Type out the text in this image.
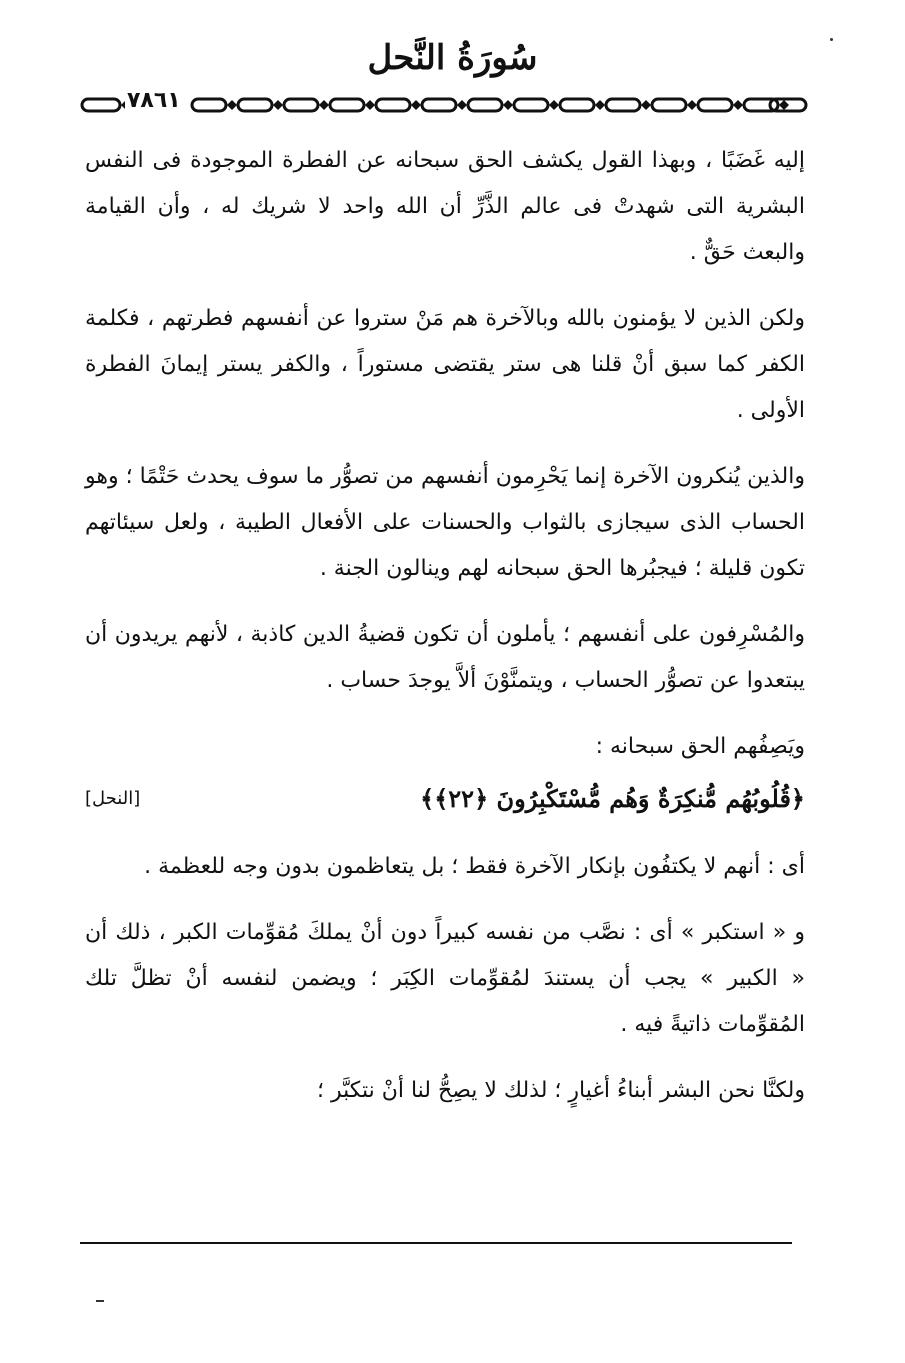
سُورَةُ النَّحل
٧٨٦١

إليه غَضَبًا ، وبهذا القول يكشف الحق سبحانه عن الفطرة الموجودة فى النفس البشرية التى شهدتْ فى عالم الذَّرِّ أن الله واحد لا شريك له ، وأن القيامة والبعث حَقٌّ .

ولكن الذين لا يؤمنون بالله وبالآخرة هم مَنْ ستروا عن أنفسهم فطرتهم ، فكلمة الكفر كما سبق أنْ قلنا هى ستر يقتضى مستوراً ، والكفر يستر إيمانَ الفطرة الأولى .

والذين يُنكرون الآخرة إنما يَحْرِمون أنفسهم من تصوُّر ما سوف يحدث حَتْمًا ؛ وهو الحساب الذى سيجازى بالثواب والحسنات على الأفعال الطيبة ، ولعل سيئاتهم تكون قليلة ؛ فيجبُرها الحق سبحانه لهم وينالون الجنة .

والمُسْرِفون على أنفسهم ؛ يأملون أن تكون قضيةُ الدين كاذبة ، لأنهم يريدون أن يبتعدوا عن تصوُّر الحساب ، ويتمنَّوْنَ ألاَّ يوجدَ حساب .

ويَصِفُهم الحق سبحانه :

﴿قُلُوبُهُم مُّنكِرَةٌ وَهُم مُّسْتَكْبِرُونَ ﴿٢٢﴾﴾
[النحل]

أى : أنهم لا يكتفُون بإنكار الآخرة فقط ؛ بل يتعاظمون بدون وجه للعظمة .

و « استكبر » أى : نصَّب من نفسه كبيراً دون أنْ يملكَ مُقوِّمات الكبر ، ذلك أن « الكبير » يجب أن يستندَ لمُقوِّمات الكِبَر ؛ ويضمن لنفسه أنْ تظلَّ تلك المُقوِّمات ذاتيةً فيه .

ولكنَّا نحن البشر أبناءُ أغيارٍ ؛ لذلك لا يصِحُّ لنا أنْ نتكبَّر ؛
